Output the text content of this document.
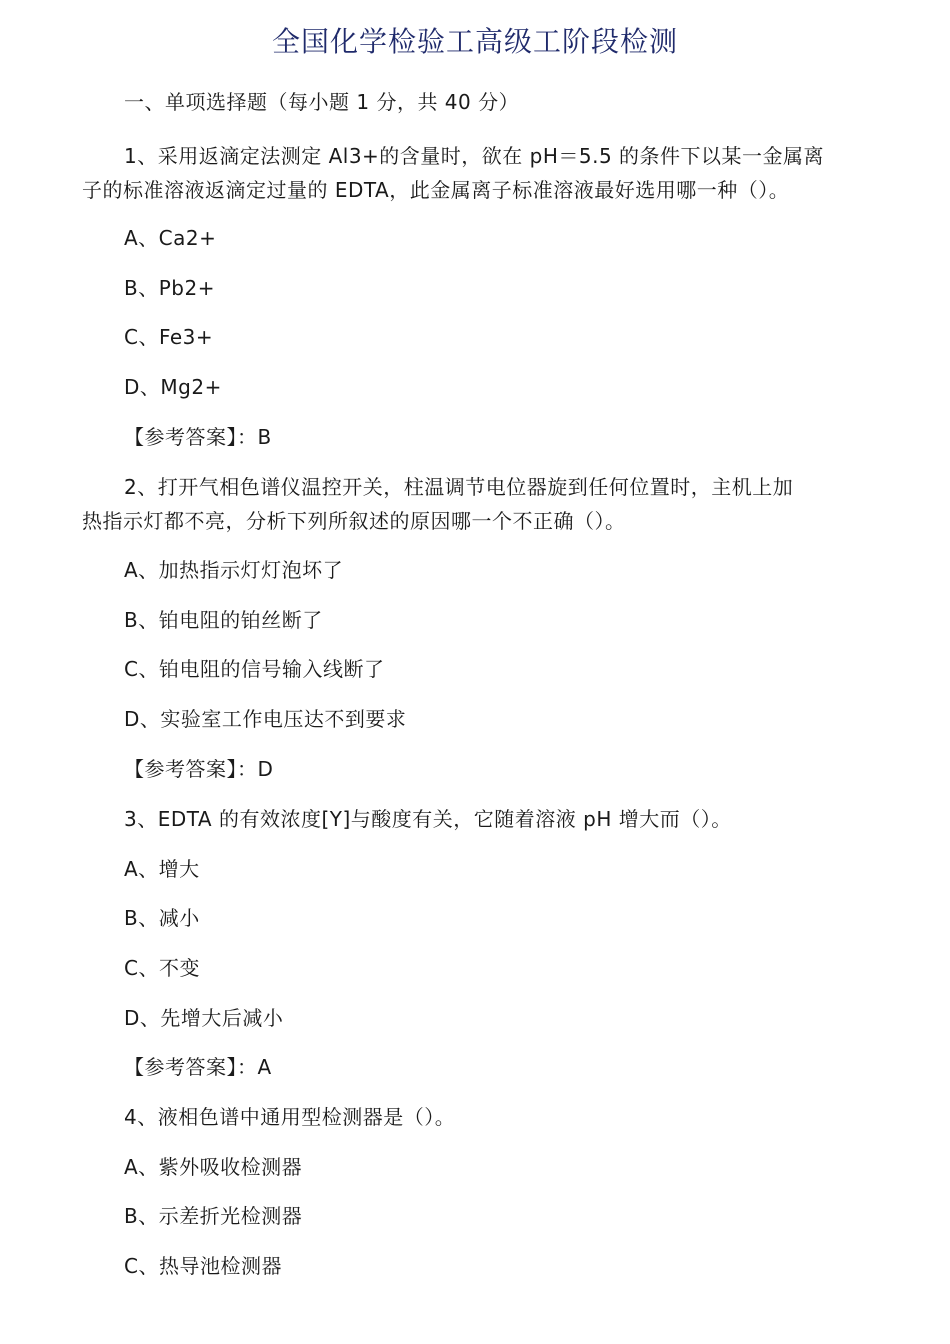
全国化学检验工高级工阶段检测
一、单项选择题（每小题 1 分，共 40 分）
1、采用返滴定法测定 Al3+的含量时，欲在 pH＝5.5 的条件下以某一金属离
子的标准溶液返滴定过量的 EDTA，此金属离子标准溶液最好选用哪一种（）。
A、Ca2+
B、Pb2+
C、Fe3+
D、Mg2+
【参考答案】：B
2、打开气相色谱仪温控开关，柱温调节电位器旋到任何位置时，主机上加
热指示灯都不亮，分析下列所叙述的原因哪一个不正确（）。
A、加热指示灯灯泡坏了
B、铂电阻的铂丝断了
C、铂电阻的信号输入线断了
D、实验室工作电压达不到要求
【参考答案】：D
3、EDTA 的有效浓度[Y]与酸度有关，它随着溶液 pH 增大而（）。
A、增大
B、减小
C、不变
D、先增大后减小
【参考答案】：A
4、液相色谱中通用型检测器是（）。
A、紫外吸收检测器
B、示差折光检测器
C、热导池检测器
